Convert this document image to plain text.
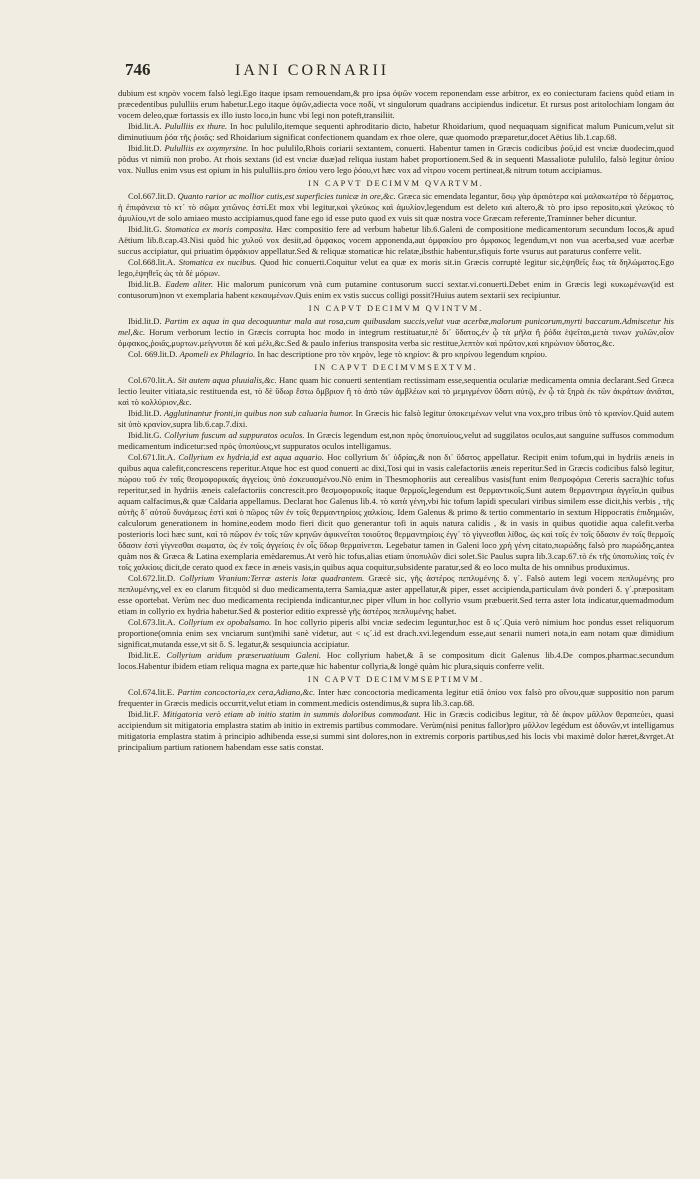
746	IANI CORNARII

dubium est κηρὸν vocem falsò legi.Ego itaque ipsam remouendam,& pro ipsa ὀψῶν vocem reponendam esse arbitror, ex eo coniecturam faciens quòd etiam in præcedentibus pululliis erum habetur.Lego itaque ὀψῶν,adiecta voce ποδί, vt singulorum quadrans accipiendus indicetur. Et rursus post aritolochiam longam ἀα vocem deleo,quæ fortassis ex illo iusto loco,in hunc vbi legi non poteft,transiliit.

Ibid.lit.A. Pululliis ex thure. In hoc pululilo,itemque sequenti aphroditario dicto, habetur Rhoidarium, quod nequaquam significat malum Punicum,velut sit diminutiuum ῥόα τῆς ῥοιᾶς: sed Rhoidarium significat confectionem quandam ex rhoe olere, quæ quomodo præparetur,docet Aëtius lib.1.cap.68.

Ibid.lit.D. Pululliis ex oxymyrsine. In hoc pululilo,Rhois coriarii sextantem, conuerti. Habentur tamen in Græcis codicibus ῥοῦ,id est vnciæ duodecim,quod pòdus vt nimiù non probo. At rhois sextans (id est vnciæ duæ)ad reliqua iustam habet proportionem.Sed & in sequenti Massaliotæ pululilo, falsò legitur ὀπίου vox. Nullus enim vsus est opium in his pululliis.pro ὀπίου vero lego ῥόου,vt hæc vox ad νίτρου vocem pertineat,& nitrum totum accipiamus.

IN CAPVT DECIMVM QVARTVM.

Col.667.lit.D. Quanto rarior ac mollior cutis,est superficies tunicæ in ore,&c. Græca sic emendata legantur, ὅσῳ γὰρ ἀραιότερα καὶ μαλακωτέρα τὸ δέρματος, ἡ ἐπιφάνεια τὸ κτ´ τὸ σῶμα χιτῶνος ἐστί.Et mox vbi legitur,καὶ γλεύκος καὶ ἀμυλίον,legendum est deleto καὶ altero,& τὸ pro ipso reposito,καὶ γλεύκος τὸ ἀμυλίου,vt de solo amiaeo musto accipiamus,quod fane ego id esse puto quod ex vuis sit quæ nostra voce Græcam referente,Traminner beher dicuntur.

Ibid.lit.G. Stomatica ex moris composita. Hæc compositio fere ad verbum habetur lib.6.Galeni de compositione medicamentorum secundum locos,& apud Aëtium lib.8.cap.43.Nisi quòd hic χυλοῦ vox desiit,ad ὀμφακος vocem apponenda,aut ὀμφακίου pro ὀμφακος legendum,vt non vua acerba,sed vuæ acerbæ succus accipiatur, qui priuatim ὀμφάκιον appellatur.Sed & reliquæ stomaticæ hic relatæ,ibsthic habentur,sfiquis forte vsurus aut paraturus conferre velit.

Col.668.lit.A. Stomatica ex nucibus. Quod hic conuerti.Coquitur velut ea quæ ex moris sit.in Græcis corruptè legitur sic,ἑψηθεῖς ἕως τὰ δηλώματος.Ego lego,ἑψηθεῖς ὡς τὰ δὲ μόρων.

Ibid.lit.B. Eadem aliter. Hic malorum punicorum vnà cum putamine contusorum succi sextar.vi.conuerti.Debet enim in Græcis legi κυκωμένων(id est contusorum)non vt exemplaria habent κεκαυμένων.Quis enim ex vstis succus colligi possit?Huius autem sextarii sex recipiuntur.

IN CAPVT DECIMVM QVINTVM.

Ibid.lit.D. Partim ex aqua in qua decoquuntur mala aut rosa,cum quibusdam succis,velut vuæ acerbæ,malorum punicorum,myrti baccarum.Admiscetur his mel,&c. Horum verborum lectio in Græcis corrupta hoc modo in integrum restituatur,πὲ δι´ ὕδατος,ἐν ᾧ τὰ μῆλα ἢ ῥόδα ἑψεῖται,μετὰ τινων χυλῶν,οἷον ὀμφακος,ῥοιᾶς,μυρτων.μείγνυται δὲ καὶ μέλι,&c.Sed & paulo inferius transposita verba sic restitue,λεπτὸν καὶ πρῶτον,καὶ κηρώνιον ὑδατος,&c.

Col. 669.lit.D. Apomeli ex Philagrio. In hac descriptione pro τὸν κηρὸν, lege τὸ κηρίον: & pro κηρίνου legendum κηρίου.

IN CAPVT DECIMVMSEXTVM.

Col.670.lit.A. Sit autem aqua pluuialis,&c. Hanc quam hic conuerti sententiam rectissimam esse,sequentia oculariæ medicamenta omnia declarant.Sed Græca lectio leuiter vitiata,sic restituenda est, τὸ δὲ ὕδωρ ἔστω ὄμβριον ἢ τὸ ἀπὸ τῶν ἀμβλέων καὶ τὸ μεμιγμένον ὕδατι αὐτῷ, ἐν ᾧ τὰ ξηρὰ ἐκ τῶν ἀκράτων ἀνιᾶται, καὶ τὸ κολλύριον,&c.

Ibid.lit.D. Agglutinantur fronti,in quibus non sub caluaria humor. In Græcis hic falsò legitur ὑποκειμένων velut vna vox,pro tribus ὑπὸ τὸ κρανίον.Quid autem sit ὑπὸ κρανίον,supra lib.6.cap.7.dixi.

Ibid.lit.G. Collyrium fuscum ad suppuratos oculos. In Græcis legendum est,non πρὸς ὑποπυίους,velut ad suggilatos oculos,aut sanguine suffusos commodum medicamentum indicetur:sed πρὸς ὑποπύους,vt suppuratos oculos intelligamus.

Col.671.lit.A. Collyrium ex hydria,id est aqua aquario. Hoc collyrium δι´ ὑδρίας,& non δι´ ὕδατος appellatur. Recipit enim tofum,qui in hydriis æneis in quibus aqua calefit,concrescens reperitur.Atque hoc est quod conuerti ac dixi,Tosi qui in vasis calefactoriis æneis reperitur.Sed in Græcis codicibus falsò legitur, πώρου τοῦ ἐν ταῖς θεσμοφορικαῖς ἀγγείοις ὑπὸ ἐσκευασμένου.Nò enim in Thesmophoriis aut cerealibus vasis(funt enim θεσμοφόρια Cereris sacra)hic tofus reperitur,sed in hydriis æneis calefactoriis concrescit.pro θεσμοφορικοῖς itaque θερμοῖς,legendum est θερμαντικοῖς.Sunt autem θερμαντηρια ἀγγεῖα,in quibus aquam calfacimus,& quæ Caldaria appellamus. Declarat hoc Galenus lib.4. τὸ κατὰ γένη,vbi hic tofum lapidi speculari viribus similem esse dicit,his verbis , τῆς αὐτῆς δ´ αὐτοῦ δυνάμεως ἐστὶ καὶ ὁ πῶρος τῶν ἐν τοῖς θερμαντηρίοις χαλκίοις. Idem Galenus & primo & tertio commentario in sextum Hippocratis ἐπιδημιῶν, calculorum generationem in homine,eodem modo fieri dicit quo generantur tofi in aquis natura calidis , & in vasis in quibus quotidie aqua calefit.verba posterioris loci hæc sunt, καὶ τὸ πῶρον ἐν τοῖς τῶν κρηνῶν ἀφικνεῖται τοιοῦτος θερμαντηρίοις ἐγγ´ τὸ γίγνεσθαι λίθος, ὡς καὶ τοῖς ἐν τοῖς ὕδασιν ἐν τοῖς θερμοῖς ὕδασιν ἐστὶ γίγνεσθαι σωματα, ὡς ἐν τοῖς ἀγγείοις ἐν οἷς ὕδωρ θερμαίνεται. Legebatur tamen in Galeni loco χρὴ γένη citato,πωρώδης falsò pro πωρώδης,antea quàm nos & Græca & Latina exemplaria emèdaremus.At verò hic tofus,alias etiam ὑποπυλῶν dici solet.Sic Paulus supra lib.3.cap.67.τὸ ἐκ τῆς ὑποπυλίας τοῖς ἐν τοῖς χαλκίοις dicit,de cerato quod ex fæce in æneis vasis,in quibus aqua coquitur,subsidente paratur,sed & eo loco multa de his omnibus produximus.

Col.672.lit.D. Collyrium Vranium:Terræ asteris lotæ quadrantem. Græcè sic, γῆς ἀστέρος πεπλυμένης δ. γ´. Falsò autem legi vocem πεπλυμένης pro πεπλυμένης,vel ex eo clarum fit:quòd si duo medicamenta,terra Samia,quæ aster appellatur,& piper, esset accipienda,particulam ἀνὰ ponderi δ. γ´.præpositam esse oportebat. Verùm nec duo medicamenta recipienda indicantur,nec piper vllum in hoc collyrio vsum præbuerit.Sed terra aster lota indicatur,quemadmodum etiam in collyrio ex hydria habetur.Sed & posterior editio expressè γῆς ἀστέρος πεπλυμένης habet.

Col.673.lit.A. Collyrium ex opobalsamo. In hoc collyrio piperis albi vnciæ sedecim leguntur,hoc est ὄ ις´.Quia verò nimium hoc pondus esset reliquorum proportione(omnia enim sex vnciarum sunt)mihi sanè videtur, aut < ις´.id est drach.xvi.legendum esse,aut senarii numeri nota,in eam notam quæ dimidium significat,mutanda esse,vt sit ὄ. S. legatur,& sesquiuncia accipiatur.

Ibid.lit.E. Collyrium aridum præseruatiuum Galeni. Hoc collyrium habet,& â se compositum dicit Galenus lib.4.De compos.pharmac.secundum locos.Habentur ibidem etiam reliqua magna ex parte,quæ hic habentur collyria,& longè quàm hic plura,siquis conferre velit.

IN CAPVT DECIMVMSEPTIMVM.

Col.674.lit.E. Partim concoctoria,ex cera,Adiano,&c. Inter hæc concoctoria medicamenta legitur etiā ὀπίου vox falsò pro οἴνου,quæ suppositio non parum frequenter in Græcis medicis occurrit,velut etiam in comment.medicis ostendimus,& supra lib.3.cap.68.

Ibid.lit.F. Mitigatoria verò etiam ab initio statim in summis doloribus commodant. Hic in Græcis codicibus legitur, τὰ δὲ ἀκρον μᾶλλον θεραπεύει, quasi accipiendum sit mitigatoria emplastra statim ab initio in extremis partibus commodare. Verùm(nisi penitus fallor)pro μᾶλλον legédum est ὀδυνῶν,vt intelligamus mitigatoria emplastra statim à principio adhibenda esse,si summi sint dolores,non in extremis corporis partibus,sed his locis vbi maximè dolor hæret,&vrget.At principalium partium rationem habendam esse satis constat.
